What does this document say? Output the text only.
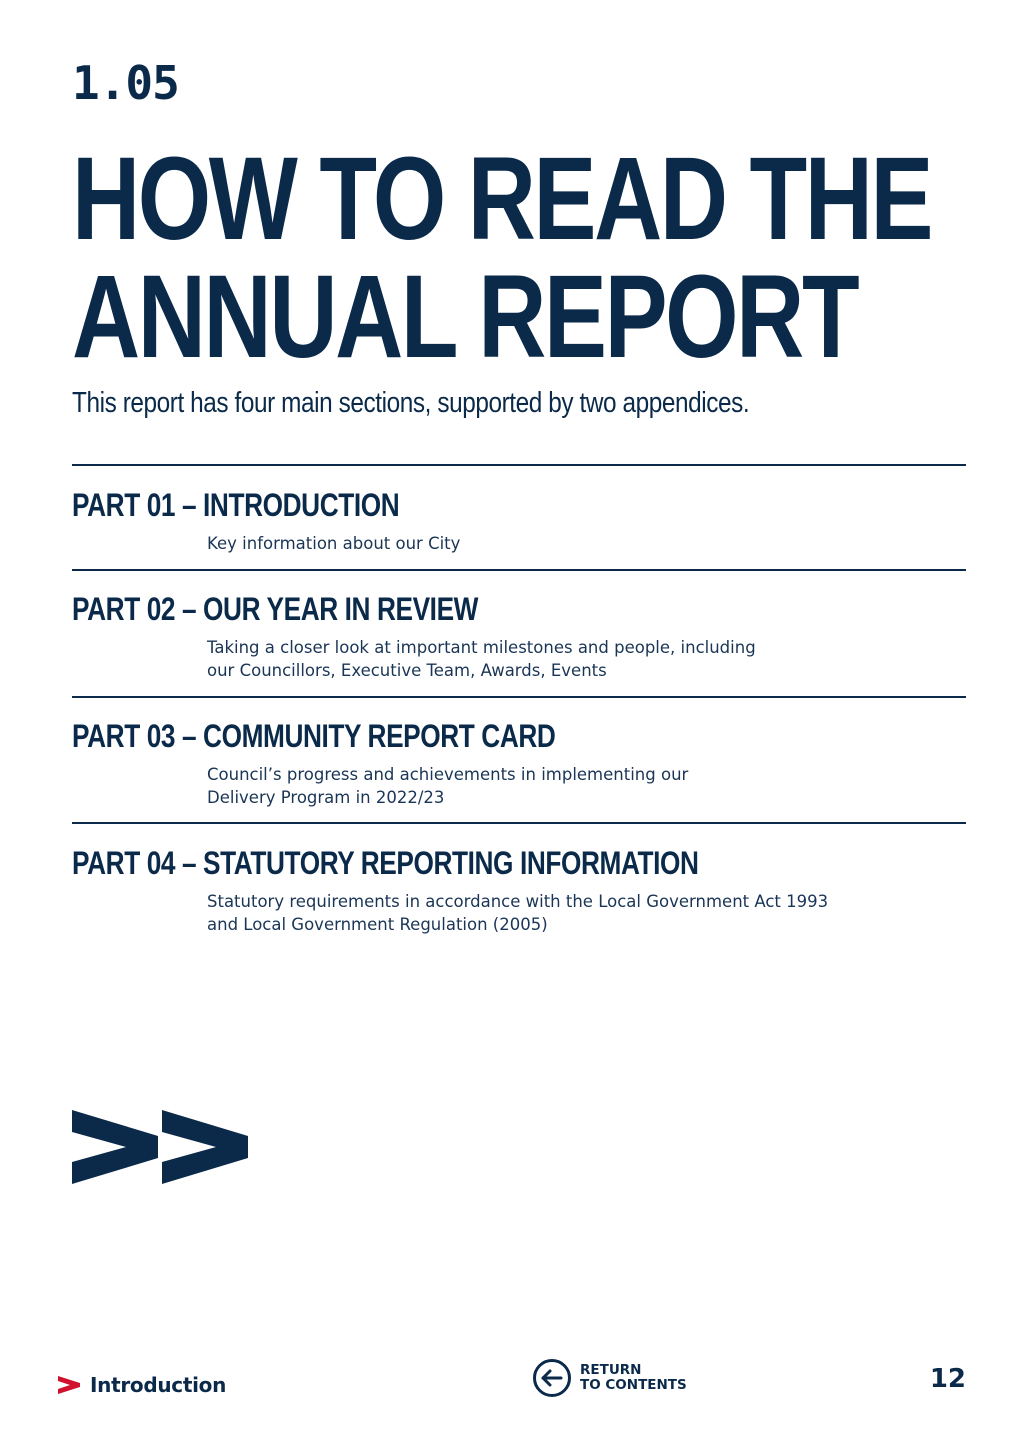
1.05
HOW TO READ THE
ANNUAL REPORT
This report has four main sections, supported by two appendices.
PART 01 – INTRODUCTION
Key information about our City
PART 02 – OUR YEAR IN REVIEW
Taking a closer look at important milestones and people, including
our Councillors, Executive Team, Awards, Events
PART 03 – COMMUNITY REPORT CARD
Council’s progress and achievements in implementing our
Delivery Program in 2022/23
PART 04 – STATUTORY REPORTING INFORMATION
Statutory requirements in accordance with the Local Government Act 1993
and Local Government Regulation (2005)
Introduction
RETURN
TO CONTENTS	12
